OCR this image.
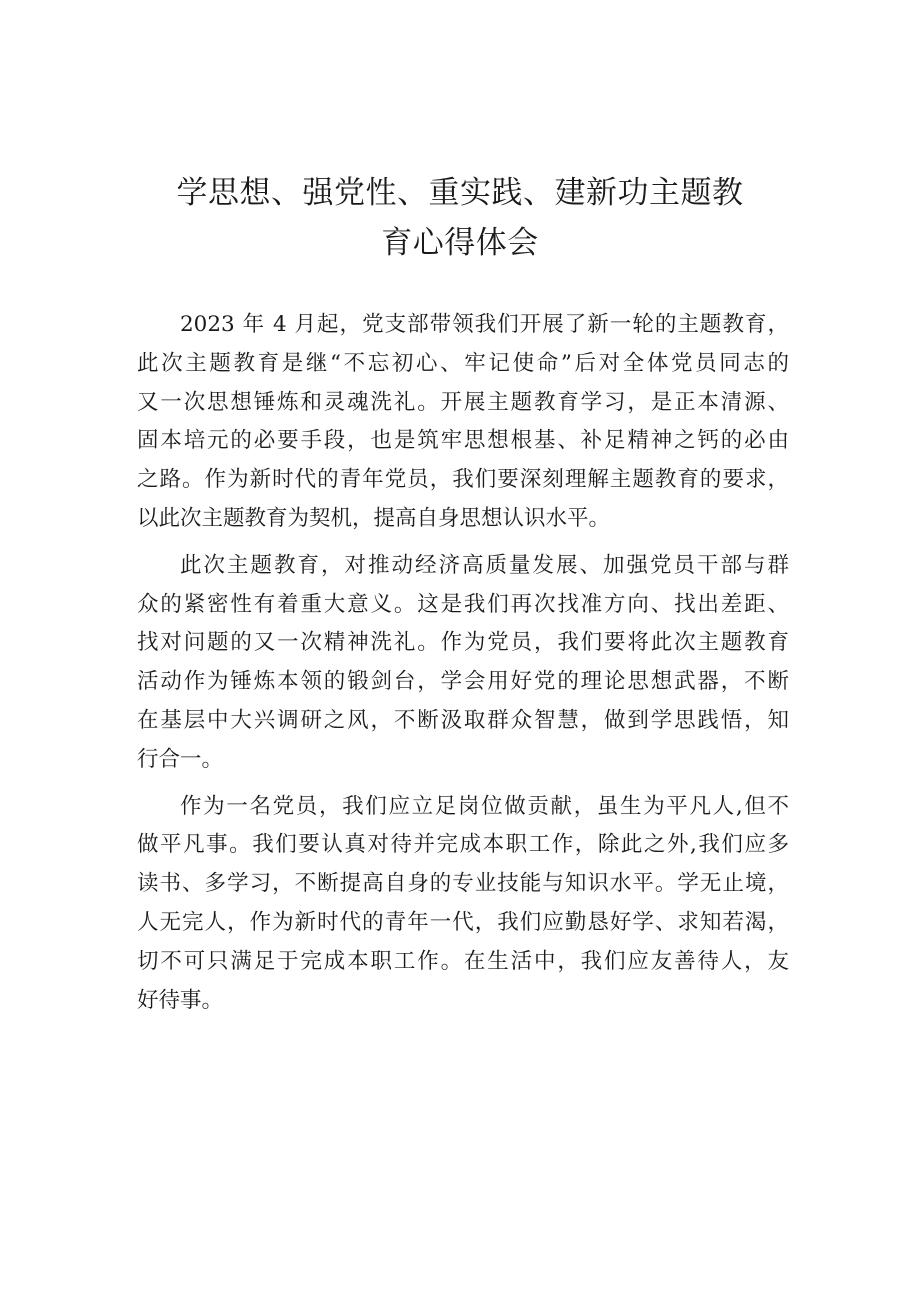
学思想、强党性、重实践、建新功主题教
育心得体会

2023 年 4 月起，党支部带领我们开展了新一轮的主题教育，
此次主题教育是继“不忘初心、牢记使命”后对全体党员同志的
又一次思想锤炼和灵魂洗礼。开展主题教育学习，是正本清源、
固本培元的必要手段，也是筑牢思想根基、补足精神之钙的必由
之路。作为新时代的青年党员，我们要深刻理解主题教育的要求，
以此次主题教育为契机，提高自身思想认识水平。

此次主题教育，对推动经济高质量发展、加强党员干部与群
众的紧密性有着重大意义。这是我们再次找准方向、找出差距、
找对问题的又一次精神洗礼。作为党员，我们要将此次主题教育
活动作为锤炼本领的锻剑台，学会用好党的理论思想武器，不断
在基层中大兴调研之风，不断汲取群众智慧，做到学思践悟，知
行合一。

作为一名党员，我们应立足岗位做贡献，虽生为平凡人,但不
做平凡事。我们要认真对待并完成本职工作，除此之外,我们应多
读书、多学习，不断提高自身的专业技能与知识水平。学无止境，
人无完人，作为新时代的青年一代，我们应勤恳好学、求知若渴，
切不可只满足于完成本职工作。在生活中，我们应友善待人，友
好待事。
